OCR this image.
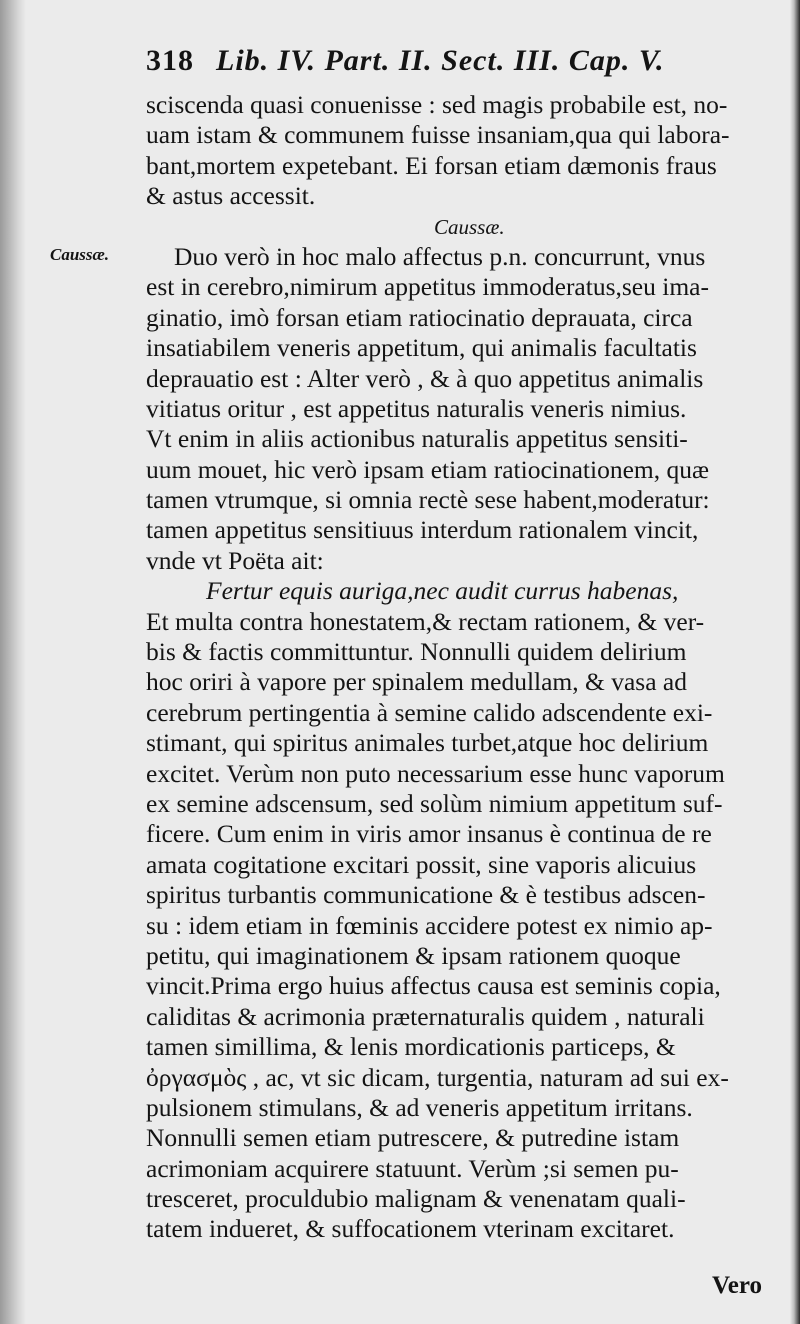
318 Lib. IV. Part. II. Sect. III. Cap. V.
Caussæ.
sciscenda quasi conuenisse : sed magis probabile est, no-
uam istam & communem fuisse insaniam,qua qui labora-
bant,mortem expetebant. Ei forsan etiam dæmonis fraus
& astus accessit.
Caussæ.
Duo verò in hoc malo affectus p.n. concurrunt, vnus
est in cerebro,nimirum appetitus immoderatus,seu ima-
ginatio, imò forsan etiam ratiocinatio deprauata, circa
insatiabilem veneris appetitum, qui animalis facultatis
deprauatio est : Alter verò , & à quo appetitus animalis
vitiatus oritur , est appetitus naturalis veneris nimius.
Vt enim in aliis actionibus naturalis appetitus sensiti-
uum mouet, hic verò ipsam etiam ratiocinationem, quæ
tamen vtrumque, si omnia rectè sese habent,moderatur:
tamen appetitus sensitiuus interdum rationalem vincit,
vnde vt Poëta ait:
Fertur equis auriga,nec audit currus habenas,
Et multa contra honestatem,& rectam rationem, & ver-
bis & factis committuntur. Nonnulli quidem delirium
hoc oriri à vapore per spinalem medullam, & vasa ad
cerebrum pertingentia à semine calido adscendente exi-
stimant, qui spiritus animales turbet,atque hoc delirium
excitet. Verùm non puto necessarium esse hunc vaporum
ex semine adscensum, sed solùm nimium appetitum suf-
ficere. Cum enim in viris amor insanus è continua de re
amata cogitatione excitari possit, sine vaporis alicuius
spiritus turbantis communicatione & è testibus adscen-
su : idem etiam in fœminis accidere potest ex nimio ap-
petitu, qui imaginationem & ipsam rationem quoque
vincit.Prima ergo huius affectus causa est seminis copia,
caliditas & acrimonia præternaturalis quidem , naturali
tamen simillima, & lenis mordicationis particeps, &
ὀργασμὸς , ac, vt sic dicam, turgentia, naturam ad sui ex-
pulsionem stimulans, & ad veneris appetitum irritans.
Nonnulli semen etiam putrescere, & putredine istam
acrimoniam acquirere statuunt. Verùm ;si semen pu-
tresceret, proculdubio malignam & venenatam quali-
tatem indueret, & suffocationem vterinam excitaret.
Vero
